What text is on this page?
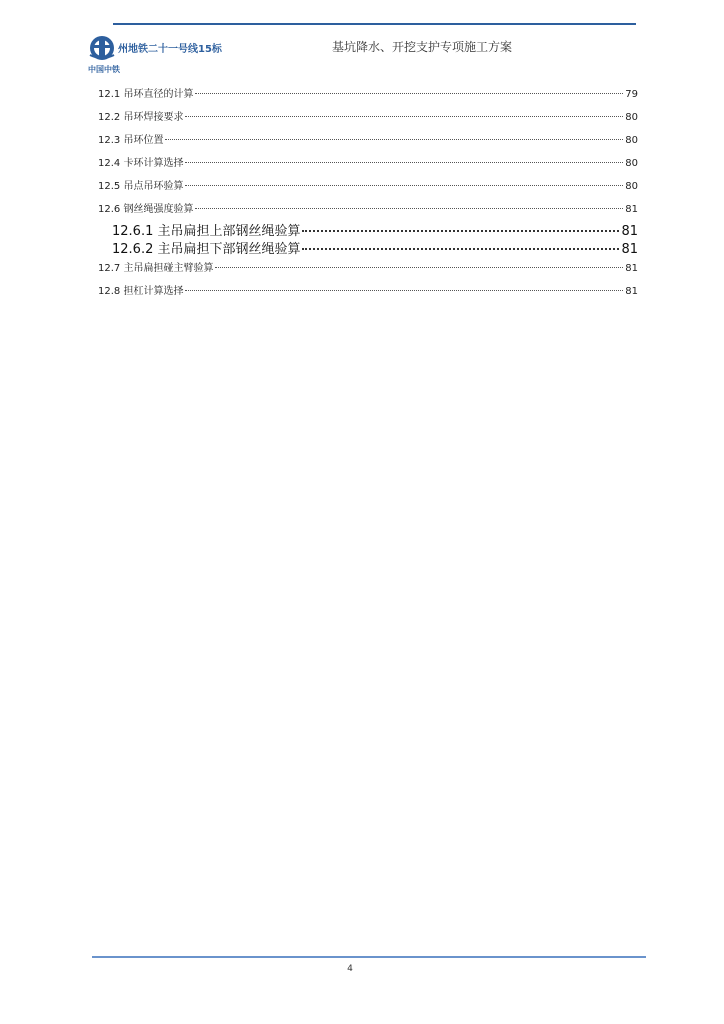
州地铁二十一号线15标
中国中铁
基坑降水、开挖支护专项施工方案
12.1 吊环直径的计算	79
12.2 吊环焊接要求	80
12.3 吊环位置	80
12.4 卡环计算选择	80
12.5 吊点吊环验算	80
12.6 钢丝绳强度验算	81
12.6.1 主吊扁担上部钢丝绳验算	81
12.6.2 主吊扁担下部钢丝绳验算	81
12.7 主吊扁担碰主臂验算	81
12.8 担杠计算选择	81
4
